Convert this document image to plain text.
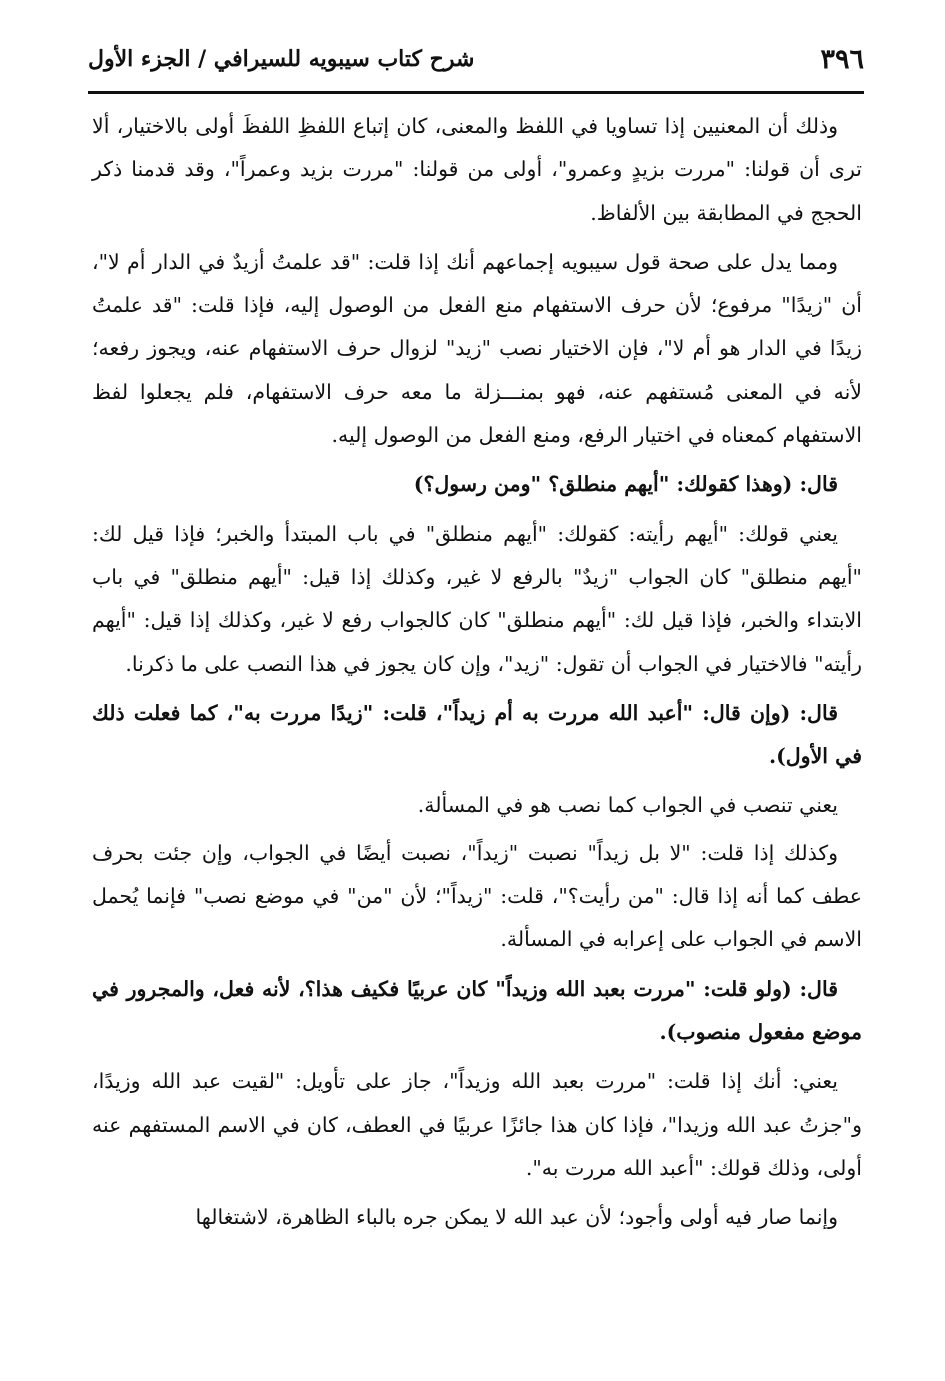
٣٩٦
شرح كتاب سيبويه للسيرافي / الجزء الأول

وذلك أن المعنيين إذا تساويا في اللفظ والمعنى، كان إتباع اللفظِ اللفظَ أولى بالاختيار، ألا ترى أن قولنا: "مررت بزيدٍ وعمرو"، أولى من قولنا: "مررت بزيد وعمراً"، وقد قدمنا ذكر الحجج في المطابقة بين الألفاظ.

ومما يدل على صحة قول سيبويه إجماعهم أنك إذا قلت: "قد علمتُ أزيدٌ في الدار أم لا"، أن "زيدًا" مرفوع؛ لأن حرف الاستفهام منع الفعل من الوصول إليه، فإذا قلت: "قد علمتُ زيدًا في الدار هو أم لا"، فإن الاختيار نصب "زيد" لزوال حرف الاستفهام عنه، ويجوز رفعه؛ لأنه في المعنى مُستفهم عنه، فهو بمنـــزلة ما معه حرف الاستفهام، فلم يجعلوا لفظ الاستفهام كمعناه في اختيار الرفع، ومنع الفعل من الوصول إليه.

قال: (وهذا كقولك: "أيهم منطلق؟ "ومن رسول؟)

يعني قولك: "أيهم رأيته: كقولك: "أيهم منطلق" في باب المبتدأ والخبر؛ فإذا قيل لك: "أيهم منطلق" كان الجواب "زيدٌ" بالرفع لا غير، وكذلك إذا قيل: "أيهم منطلق" في باب الابتداء والخبر، فإذا قيل لك: "أيهم منطلق" كان كالجواب رفع لا غير، وكذلك إذا قيل: "أيهم رأيته" فالاختيار في الجواب أن تقول: "زيد"، وإن كان يجوز في هذا النصب على ما ذكرنا.

قال: (وإن قال: "أعبد الله مررت به أم زيداً"، قلت: "زيدًا مررت به"، كما فعلت ذلك في الأول).

يعني تنصب في الجواب كما نصب هو في المسألة.

وكذلك إذا قلت: "لا بل زيداً" نصبت "زيداً"، نصبت أيضًا في الجواب، وإن جئت بحرف عطف كما أنه إذا قال: "من رأيت؟"، قلت: "زيداً"؛ لأن "من" في موضع نصب" فإنما يُحمل الاسم في الجواب على إعرابه في المسألة.

قال: (ولو قلت: "مررت بعبد الله وزيداً" كان عربيًا فكيف هذا؟، لأنه فعل، والمجرور في موضع مفعول منصوب).

يعني: أنك إذا قلت: "مررت بعبد الله وزيداً"، جاز على تأويل: "لقيت عبد الله وزيدًا، و"جزتُ عبد الله وزيدا"، فإذا كان هذا جائزًا عربيًا في العطف، كان في الاسم المستفهم عنه أولى، وذلك قولك: "أعبد الله مررت به".

وإنما صار فيه أولى وأجود؛ لأن عبد الله لا يمكن جره بالباء الظاهرة، لاشتغالها
